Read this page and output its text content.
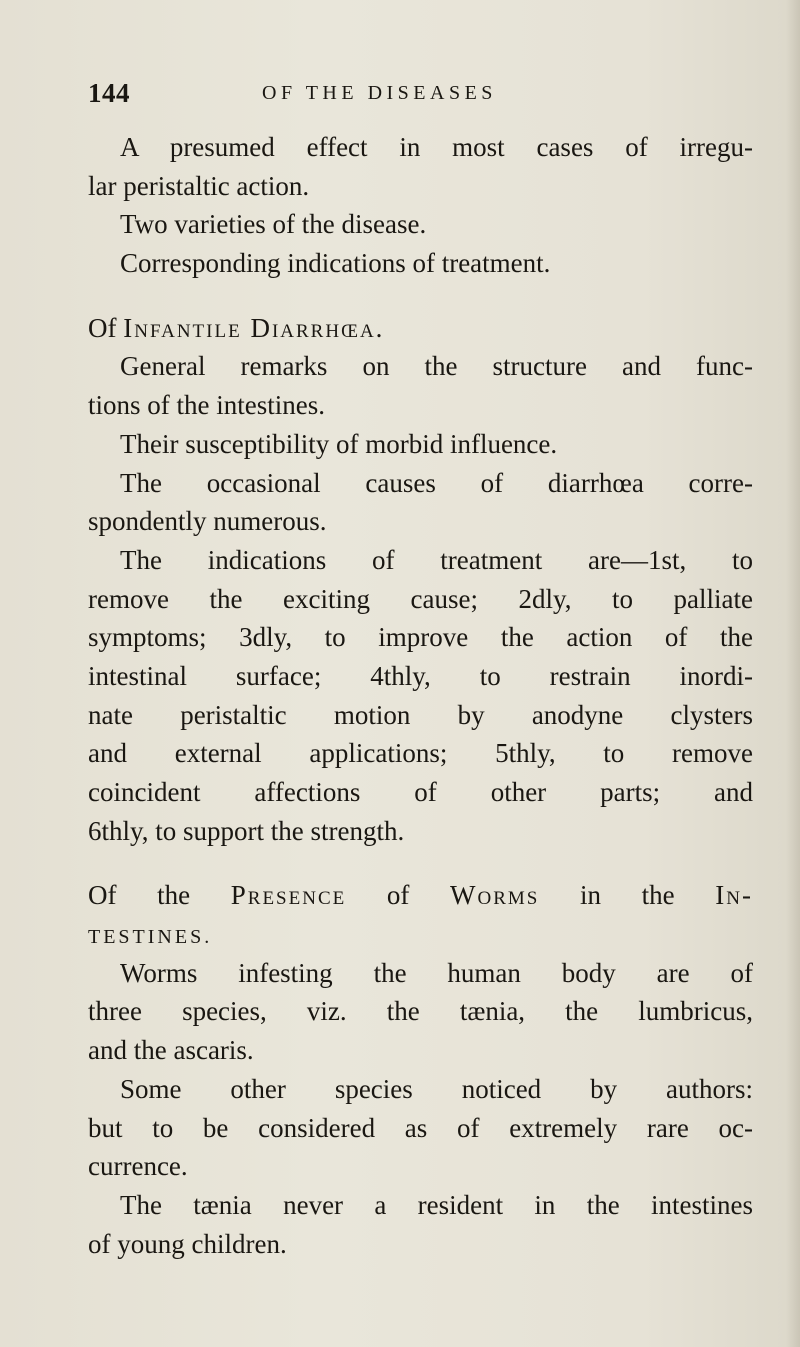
144	OF THE DISEASES
A presumed effect in most cases of irregu-
lar peristaltic action.
Two varieties of the disease.
Corresponding indications of treatment.
Of Infantile Diarrhœa.
General remarks on the structure and func-
tions of the intestines.
Their susceptibility of morbid influence.
The occasional causes of diarrhœa corre-
spondently numerous.
The indications of treatment are—1st, to
remove the exciting cause; 2dly, to palliate
symptoms; 3dly, to improve the action of the
intestinal surface; 4thly, to restrain inordi-
nate peristaltic motion by anodyne clysters
and external applications; 5thly, to remove
coincident affections of other parts; and
6thly, to support the strength.
Of the Presence of Worms in the In-
TESTINES.
Worms infesting the human body are of
three species, viz. the tænia, the lumbricus,
and the ascaris.
Some other species noticed by authors:
but to be considered as of extremely rare oc-
currence.
The tænia never a resident in the intestines
of young children.
